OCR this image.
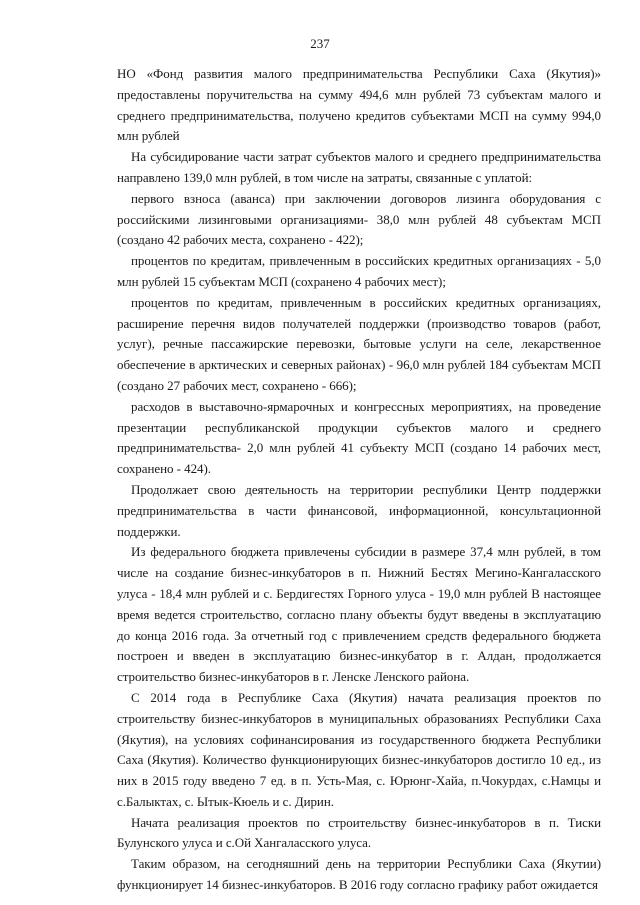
237

НО «Фонд развития малого предпринимательства Республики Саха (Якутия)» предоставлены поручительства на сумму 494,6 млн рублей 73 субъектам малого и среднего предпринимательства, получено кредитов субъектами МСП на сумму 994,0 млн рублей

На субсидирование части затрат субъектов малого и среднего предпринимательства направлено 139,0 млн рублей, в том числе на затраты, связанные с уплатой:

первого взноса (аванса) при заключении договоров лизинга оборудования с российскими лизинговыми организациями- 38,0 млн рублей 48 субъектам МСП (создано 42 рабочих места, сохранено - 422);

процентов по кредитам, привлеченным в российских кредитных организациях - 5,0 млн рублей 15 субъектам МСП (сохранено 4 рабочих мест);

процентов по кредитам, привлеченным в российских кредитных организациях, расширение перечня видов получателей поддержки (производство товаров (работ, услуг), речные пассажирские перевозки, бытовые услуги на селе, лекарственное обеспечение в арктических и северных районах) - 96,0 млн рублей 184 субъектам МСП (создано 27 рабочих мест, сохранено - 666);

расходов в выставочно-ярмарочных и конгрессных мероприятиях, на проведение презентации республиканской продукции субъектов малого и среднего предпринимательства- 2,0 млн рублей 41 субъекту МСП (создано 14 рабочих мест, сохранено - 424).

Продолжает свою деятельность на территории республики Центр поддержки предпринимательства в части финансовой, информационной, консультационной поддержки.

Из федерального бюджета привлечены субсидии в размере 37,4 млн рублей, в том числе на создание бизнес-инкубаторов в п. Нижний Бестях Мегино-Кангаласского улуса - 18,4 млн рублей и с. Бердигестях Горного улуса - 19,0 млн рублей В настоящее время ведется строительство, согласно плану объекты будут введены в эксплуатацию до конца 2016 года. За отчетный год с привлечением средств федерального бюджета построен и введен в эксплуатацию бизнес-инкубатор в г. Алдан, продолжается строительство бизнес-инкубаторов в г. Ленске Ленского района.

С 2014 года в Республике Саха (Якутия) начата реализация проектов по строительству бизнес-инкубаторов в муниципальных образованиях Республики Саха (Якутия), на условиях софинансирования из государственного бюджета Республики Саха (Якутия). Количество функционирующих бизнес-инкубаторов достигло 10 ед., из них в 2015 году введено 7 ед. в п. Усть-Мая, с. Юрюнг-Хайа, п.Чокурдах, с.Намцы и с.Балыктах, с. Ытык-Кюель и с. Дирин.

Начата реализация проектов по строительству бизнес-инкубаторов в п. Тиски Булунского улуса и с.Ой Хангаласского улуса.

Таким образом, на сегодняшний день на территории Республики Саха (Якутии) функционирует 14 бизнес-инкубаторов. В 2016 году согласно графику работ ожидается
